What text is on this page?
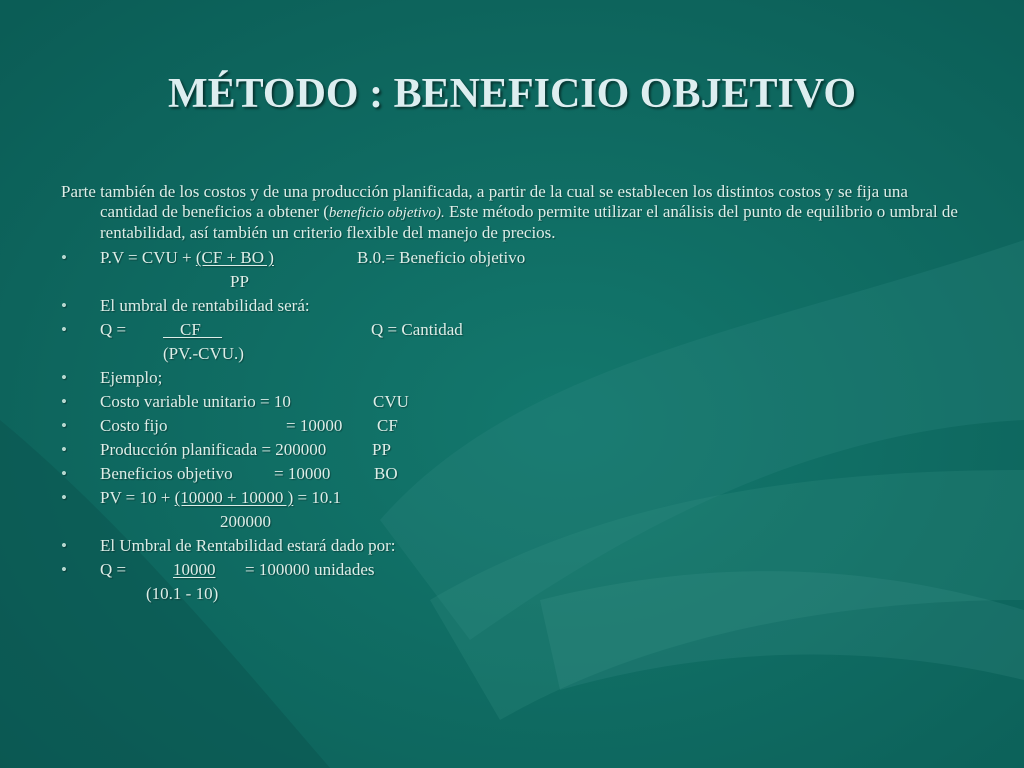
MÉTODO : BENEFICIO OBJETIVO

Parte también de los costos y de una producción planificada, a partir de la cual se establecen los distintos costos y se fija una cantidad de beneficios a obtener (beneficio objetivo). Este método permite utilizar el análisis del punto de equilibrio o umbral de rentabilidad, así también un criterio flexible del manejo de precios.

• P.V = CVU + (CF + BO )	B.0.= Beneficio objetivo
PP
• El umbral de rentabilidad será:
• Q = CF	Q = Cantidad
(PV.-CVU.)
• Ejemplo;
• Costo variable unitario = 10	CVU
• Costo fijo	= 10000 CF
• Producción planificada = 200000	PP
• Beneficios objetivo = 10000	BO
• PV = 10 + (10000 + 10000 ) = 10.1
200000
• El Umbral de Rentabilidad estará dado por:
• Q =	10000 = 100000 unidades
(10.1 - 10)
